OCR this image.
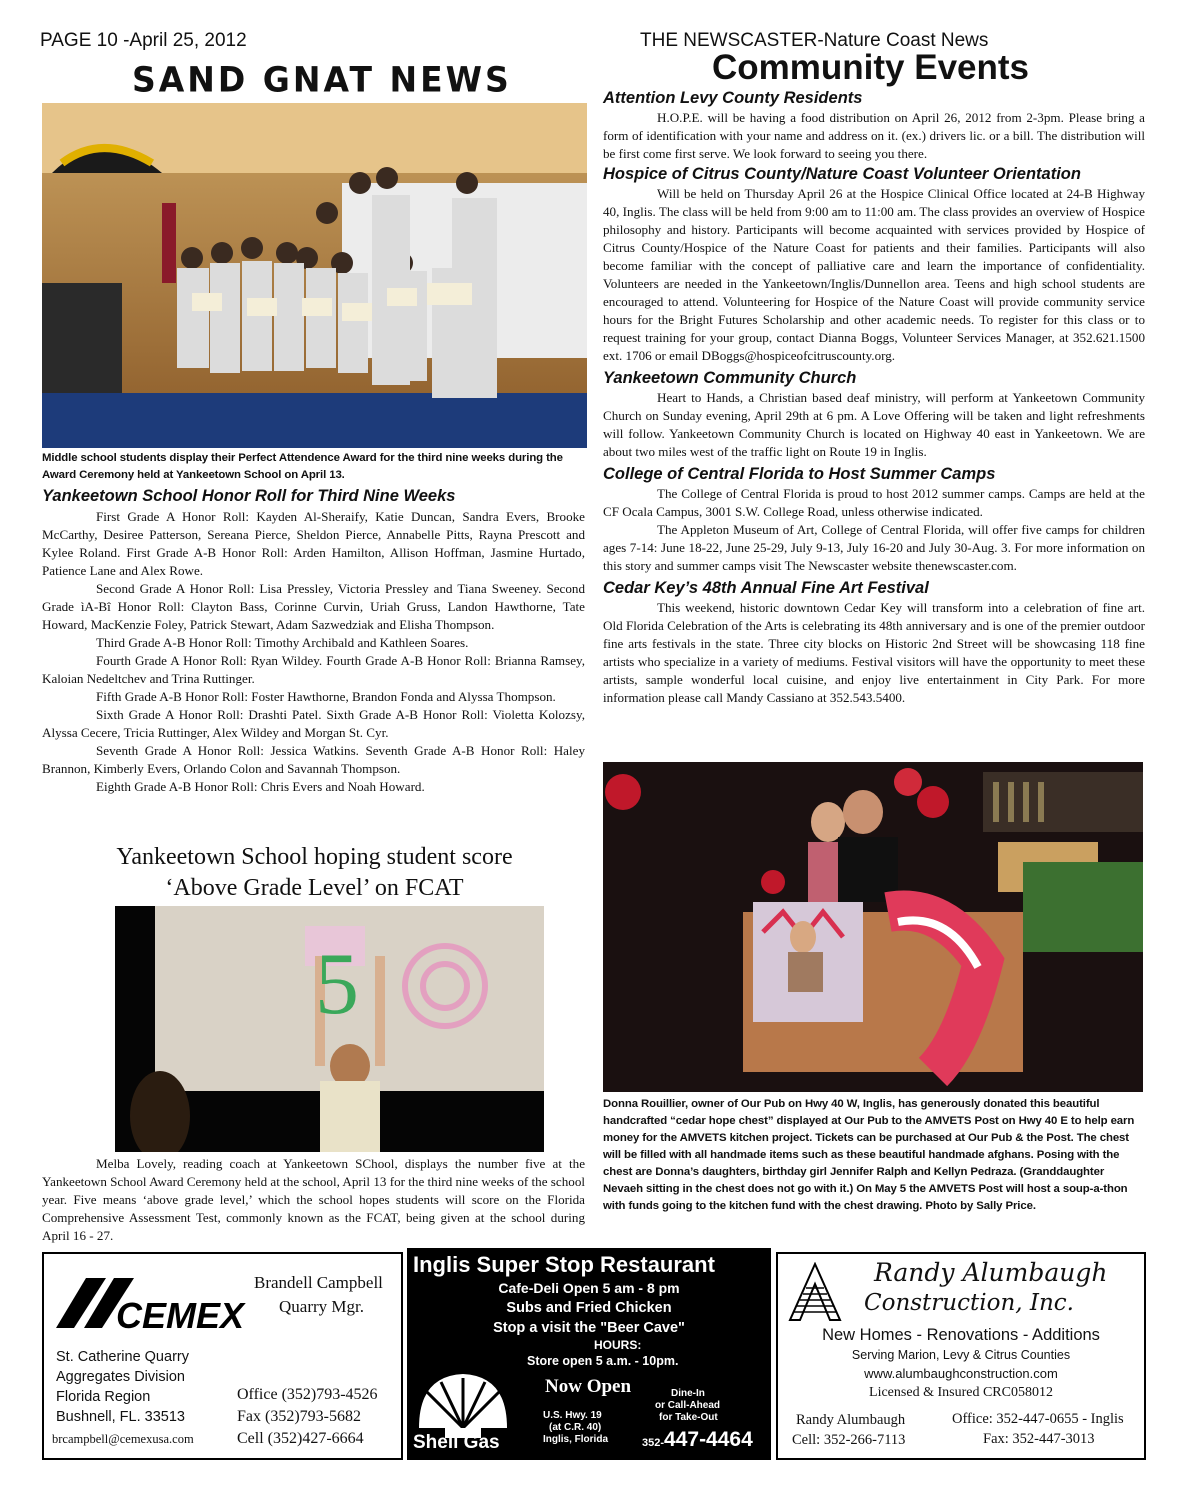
PAGE 10 -April 25, 2012
SAND GNAT NEWS
THE NEWSCASTER-Nature Coast News
Community Events
Middle school students display their Perfect Attendence Award for the third nine weeks during the Award Ceremony held at Yankeetown School on April 13.
Yankeetown School Honor Roll for Third Nine Weeks

First Grade A Honor Roll: Kayden Al-Sheraify, Katie Duncan, Sandra Evers, Brooke McCarthy, Desiree Patterson, Sereana Pierce, Sheldon Pierce, Annabelle Pitts, Rayna Prescott and Kylee Roland. First Grade A-B Honor Roll: Arden Hamilton, Allison Hoffman, Jasmine Hurtado, Patience Lane and Alex Rowe.

Second Grade A Honor Roll: Lisa Pressley, Victoria Pressley and Tiana Sweeney. Second Grade ìA-Bî Honor Roll: Clayton Bass, Corinne Curvin, Uriah Gruss, Landon Hawthorne, Tate Howard, MacKenzie Foley, Patrick Stewart, Adam Sazwedziak and Elisha Thompson.

Third Grade A-B Honor Roll: Timothy Archibald and Kathleen Soares.

Fourth Grade A Honor Roll: Ryan Wildey. Fourth Grade A-B Honor Roll: Brianna Ramsey, Kaloian Nedeltchev and Trina Ruttinger.

Fifth Grade A-B Honor Roll: Foster Hawthorne, Brandon Fonda and Alyssa Thompson.

Sixth Grade A Honor Roll: Drashti Patel. Sixth Grade A-B Honor Roll: Violetta Kolozsy, Alyssa Cecere, Tricia Ruttinger, Alex Wildey and Morgan St. Cyr.

Seventh Grade A Honor Roll: Jessica Watkins. Seventh Grade A-B Honor Roll: Haley Brannon, Kimberly Evers, Orlando Colon and Savannah Thompson.

Eighth Grade A-B Honor Roll: Chris Evers and Noah Howard.

Yankeetown School hoping student score
‘Above Grade Level’ on FCAT
5

Melba Lovely, reading coach at Yankeetown SChool, displays the number five at the Yankeetown School Award Ceremony held at the school, April 13 for the third nine weeks of the school year. Five means ‘above grade level,’ which the school hopes students will score on the Florida Comprehensive Assessment Test, commonly known as the FCAT, being given at the school during April 16 - 27.

Attention Levy County Residents

H.O.P.E. will be having a food distribution on April 26, 2012 from 2-3pm. Please bring a form of identification with your name and address on it. (ex.) drivers lic. or a bill. The distribution will be first come first serve. We look forward to seeing you there.

Hospice of Citrus County/Nature Coast Volunteer Orientation

Will be held on Thursday April 26 at the Hospice Clinical Office located at 24-B Highway 40, Inglis. The class will be held from 9:00 am to 11:00 am. The class provides an overview of Hospice philosophy and history. Participants will become acquainted with services provided by Hospice of Citrus County/Hospice of the Nature Coast for patients and their families. Participants will also become familiar with the concept of palliative care and learn the importance of confidentiality. Volunteers are needed in the Yankeetown/Inglis/Dunnellon area. Teens and high school students are encouraged to attend. Volunteering for Hospice of the Nature Coast will provide community service hours for the Bright Futures Scholarship and other academic needs. To register for this class or to request training for your group, contact Dianna Boggs, Volunteer Services Manager, at 352.621.1500 ext. 1706 or email DBoggs@hospiceofcitruscounty.org.

Yankeetown Community Church

Heart to Hands, a Christian based deaf ministry, will perform at Yankeetown Community Church on Sunday evening, April 29th at 6 pm. A Love Offering will be taken and light refreshments will follow. Yankeetown Community Church is located on Highway 40 east in Yankeetown. We are about two miles west of the traffic light on Route 19 in Inglis.

College of Central Florida to Host Summer Camps

The College of Central Florida is proud to host 2012 summer camps. Camps are held at the CF Ocala Campus, 3001 S.W. College Road, unless otherwise indicated.

The Appleton Museum of Art, College of Central Florida, will offer five camps for children ages 7-14: June 18-22, June 25-29, July 9-13, July 16-20 and July 30-Aug. 3. For more information on this story and summer camps visit The Newscaster website thenewscaster.com.

Cedar Key’s 48th Annual Fine Art Festival

This weekend, historic downtown Cedar Key will transform into a celebration of fine art. Old Florida Celebration of the Arts is celebrating its 48th anniversary and is one of the premier outdoor fine arts festivals in the state. Three city blocks on Historic 2nd Street will be showcasing 118 fine artists who specialize in a variety of mediums. Festival visitors will have the opportunity to meet these artists, sample wonderful local cuisine, and enjoy live entertainment in City Park. For more information please call Mandy Cassiano at 352.543.5400.

Donna Rouillier, owner of Our Pub on Hwy 40 W, Inglis, has generously donated this beautiful handcrafted “cedar hope chest” displayed at Our Pub to the AMVETS Post on Hwy 40 E to help earn money for the AMVETS kitchen project. Tickets can be purchased at Our Pub & the Post. The chest will be filled with all handmade items such as these beautiful handmade afghans. Posing with the chest are Donna’s daughters, birthday girl Jennifer Ralph and Kellyn Pedraza. (Granddaughter Nevaeh sitting in the chest does not go with it.) On May 5 the AMVETS Post will host a soup-a-thon with funds going to the kitchen fund with the chest drawing. Photo by Sally Price.
CEMEX
Brandell Campbell
Quarry Mgr.
St. Catherine Quarry
Aggregates Division
Florida Region
Bushnell, FL. 33513
brcampbell@cemexusa.com
Office (352)793-4526
Fax (352)793-5682
Cell (352)427-6664
Inglis Super Stop Restaurant
Cafe-Deli Open 5 am - 8 pm
Subs and Fried Chicken
Stop a visit the "Beer Cave"
HOURS:
Store open 5 a.m. - 10pm.
Now Open	Dine-In
or Call-Ahead
for Take-Out
U.S. Hwy. 19
(at C.R. 40)
Inglis, Florida
Shell Gas	352-447-4464
Randy Alumbaugh
Construction, Inc.
New Homes - Renovations - Additions
Serving Marion, Levy & Citrus Counties
www.alumbaughconstruction.com
Licensed & Insured CRC058012
Randy Alumbaugh
Cell: 352-266-7113
Office: 352-447-0655 - Inglis
Fax: 352-447-3013
